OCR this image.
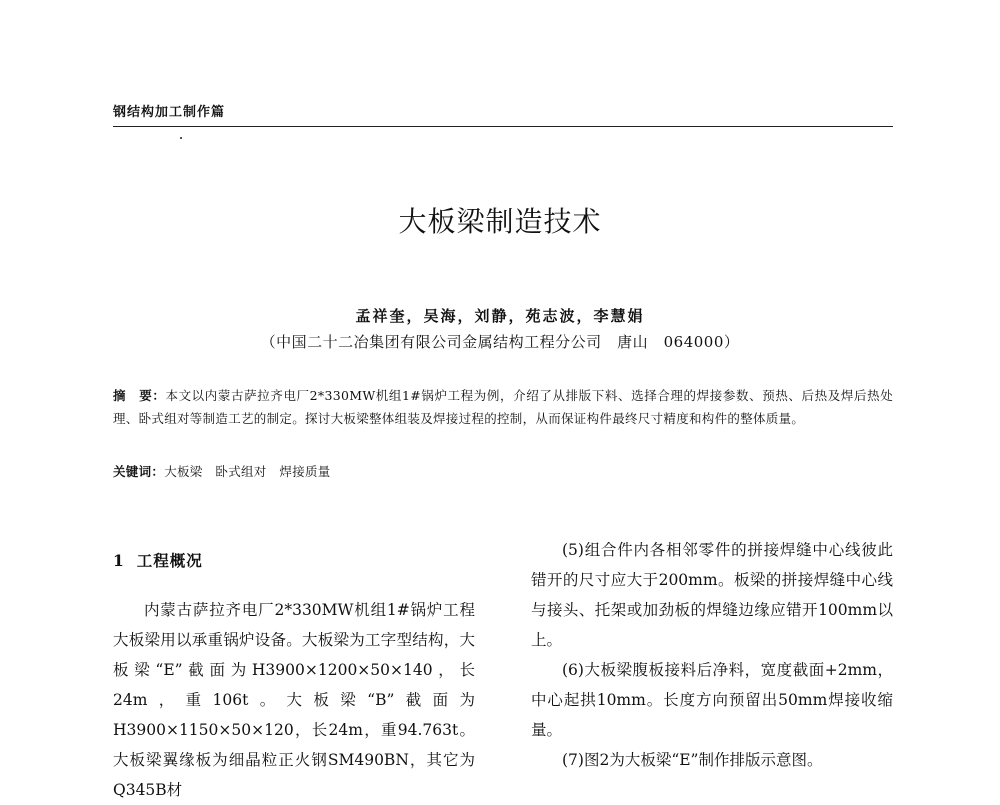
钢结构加工制作篇
大板梁制造技术
孟祥奎，吴海，刘静，苑志波，李慧娟
（中国二十二冶集团有限公司金属结构工程分公司　唐山　064000）
摘　要：本文以内蒙古萨拉齐电厂2*330MW机组1#锅炉工程为例，介绍了从排版下料、选择合理的焊接参数、预热、后热及焊后热处理、卧式组对等制造工艺的制定。探讨大板梁整体组装及焊接过程的控制，从而保证构件最终尺寸精度和构件的整体质量。
关键词：大板梁　卧式组对　焊接质量
1 工程概况

内蒙古萨拉齐电厂2*330MW机组1#锅炉工程大板梁用以承重锅炉设备。大板梁为工字型结构，大板梁“E”截面为H3900×1200×50×140，长24m，重106t。大板梁“B”截面为H3900×1150×50×120，长24m，重94.763t。大板梁翼缘板为细晶粒正火钢SM490BN，其它为Q345B材

(5)组合件内各相邻零件的拼接焊缝中心线彼此错开的尺寸应大于200mm。板梁的拼接焊缝中心线与接头、托架或加劲板的焊缝边缘应错开100mm以上。

(6)大板梁腹板接料后净料，宽度截面+2mm，中心起拱10mm。长度方向预留出50mm焊接收缩量。

(7)图2为大板梁“E”制作排版示意图。
